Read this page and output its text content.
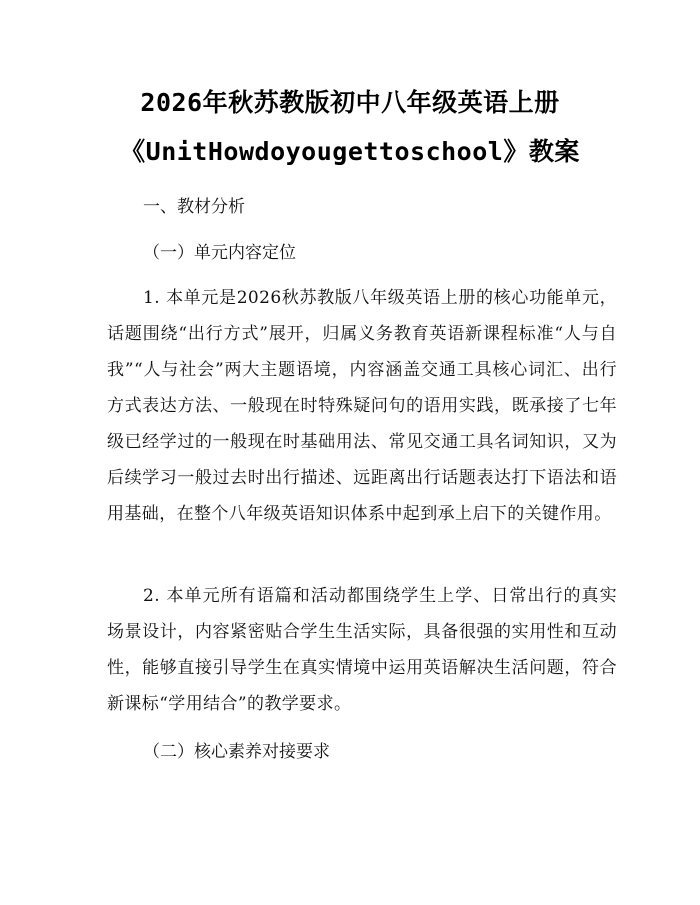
2026年秋苏教版初中八年级英语上册
《UnitHowdoyougettoschool》教案
一、教材分析
（一）单元内容定位

1. 本单元是2026秋苏教版八年级英语上册的核心功能单元，话题围绕“出行方式”展开，归属义务教育英语新课程标准“人与自我”“人与社会”两大主题语境，内容涵盖交通工具核心词汇、出行方式表达方法、一般现在时特殊疑问句的语用实践，既承接了七年级已经学过的一般现在时基础用法、常见交通工具名词知识，又为后续学习一般过去时出行描述、远距离出行话题表达打下语法和语用基础，在整个八年级英语知识体系中起到承上启下的关键作用。

2. 本单元所有语篇和活动都围绕学生上学、日常出行的真实场景设计，内容紧密贴合学生生活实际，具备很强的实用性和互动性，能够直接引导学生在真实情境中运用英语解决生活问题，符合新课标“学用结合”的教学要求。

（二）核心素养对接要求
